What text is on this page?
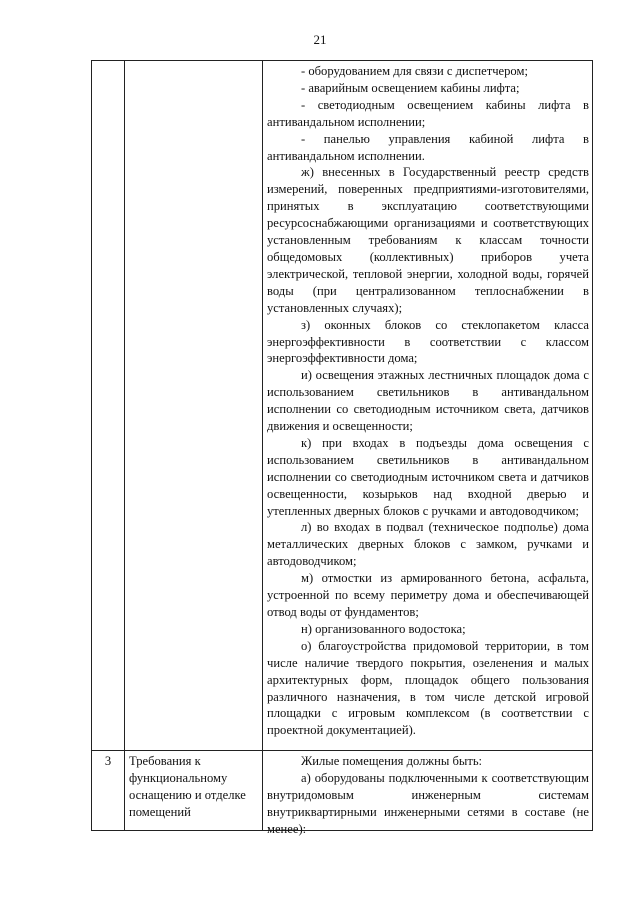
21

- оборудованием для связи с диспетчером;

- аварийным освещением кабины лифта;

- светодиодным освещением кабины лифта в антивандальном исполнении;

- панелью управления кабиной лифта в антивандальном исполнении.

ж) внесенных в Государственный реестр средств измерений, поверенных предприятиями-изготовителями, принятых в эксплуатацию соответствующими ресурсоснабжающими организациями и соответствующих установленным требованиям к классам точности общедомовых (коллективных) приборов учета электрической, тепловой энергии, холодной воды, горячей воды (при централизованном теплоснабжении в установленных случаях);

з) оконных блоков со стеклопакетом класса энергоэффективности в соответствии с классом энергоэффективности дома;

и) освещения этажных лестничных площадок дома с использованием светильников в антивандальном исполнении со светодиодным источником света, датчиков движения и освещенности;

к) при входах в подъезды дома освещения с использованием светильников в антивандальном исполнении со светодиодным источником света и датчиков освещенности, козырьков над входной дверью и утепленных дверных блоков с ручками и автодоводчиком;

л) во входах в подвал (техническое подполье) дома металлических дверных блоков с замком, ручками и автодоводчиком;

м) отмостки из армированного бетона, асфальта, устроенной по всему периметру дома и обеспечивающей отвод воды от фундаментов;

н) организованного водостока;

о) благоустройства придомовой территории, в том числе наличие твердого покрытия, озеленения и малых архитектурных форм, площадок общего пользования различного назначения, в том числе детской игровой площадки с игровым комплексом (в соответствии с проектной документацией).

3	Требования к функциональному оснащению и отделке помещений

Жилые помещения должны быть:

а) оборудованы подключенными к соответствующим внутридомовым инженерным системам внутриквартирными инженерными сетями в составе (не менее):
